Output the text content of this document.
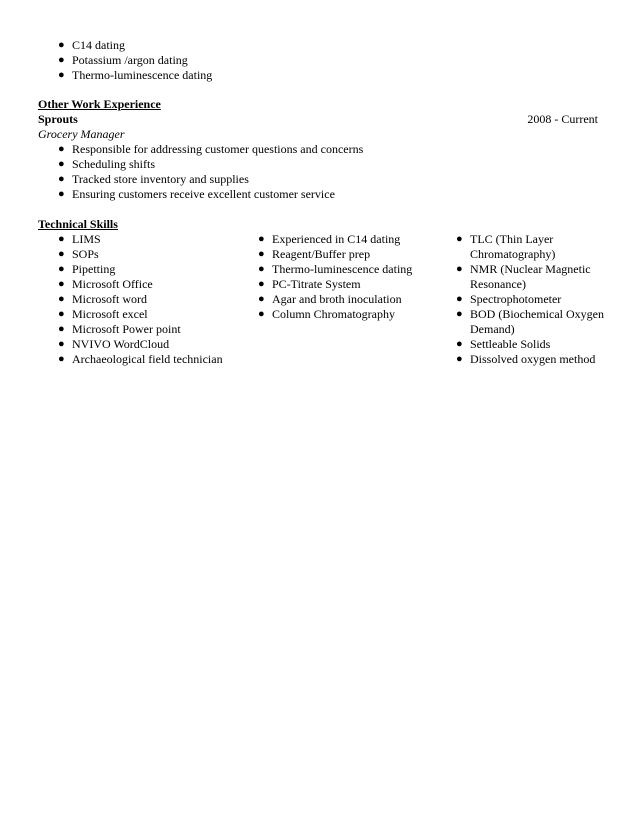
● C14 dating
● Potassium /argon dating
● Thermo-luminescence dating
Other Work Experience
Sprouts	2008 - Current
Grocery Manager
● Responsible for addressing customer questions and concerns
● Scheduling shifts
● Tracked store inventory and supplies
● Ensuring customers receive excellent customer service
Technical Skills
● LIMS
● SOPs
● Pipetting
● Microsoft Office
● Microsoft word
● Microsoft excel
● Microsoft Power point
● NVIVO WordCloud
● Archaeological field technician
● Experienced in C14 dating
● Reagent/Buffer prep
● Thermo-luminescence dating
● PC-Titrate System
● Agar and broth inoculation
● Column Chromatography
● TLC (Thin Layer Chromatography)
● NMR (Nuclear Magnetic Resonance)
● Spectrophotometer
● BOD (Biochemical Oxygen Demand)
● Settleable Solids
● Dissolved oxygen method
